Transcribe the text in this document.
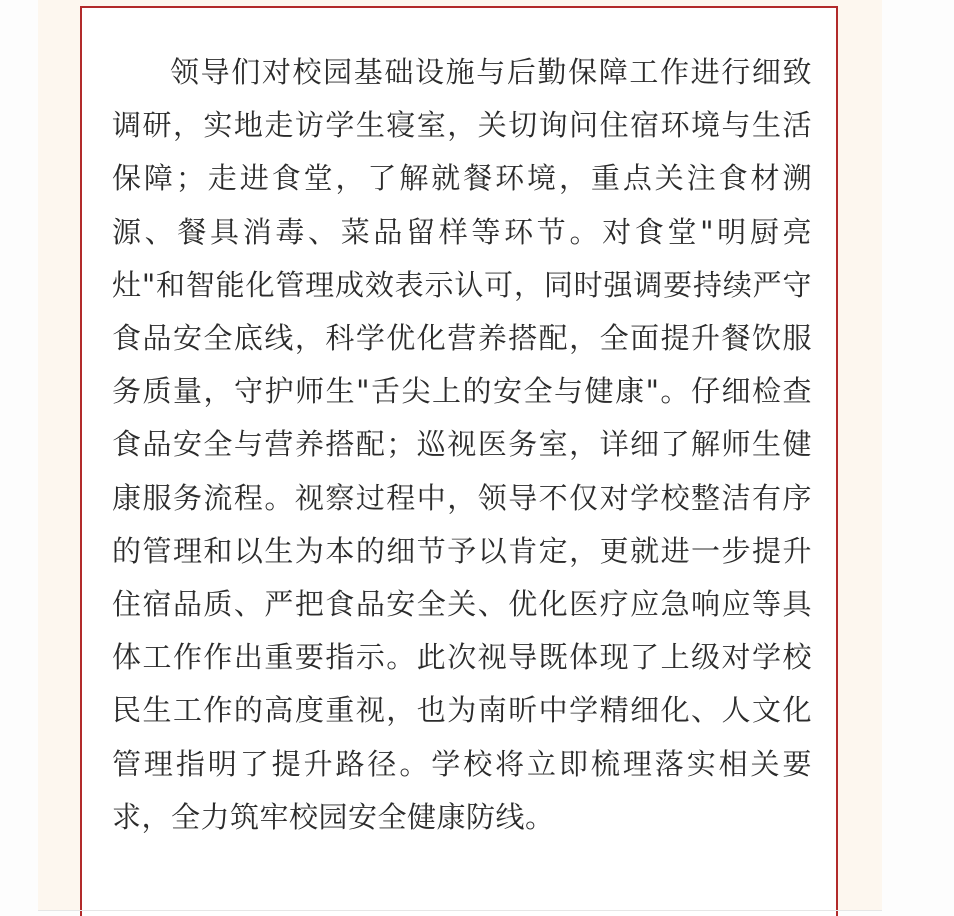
领导们对校园基础设施与后勤保障工作进行细致调研，实地走访学生寝室，关切询问住宿环境与生活保障；走进食堂，了解就餐环境，重点关注食材溯源、餐具消毒、菜品留样等环节。对食堂"明厨亮灶"和智能化管理成效表示认可，同时强调要持续严守食品安全底线，科学优化营养搭配，全面提升餐饮服务质量，守护师生"舌尖上的安全与健康"。仔细检查食品安全与营养搭配；巡视医务室，详细了解师生健康服务流程。视察过程中，领导不仅对学校整洁有序的管理和以生为本的细节予以肯定，更就进一步提升住宿品质、严把食品安全关、优化医疗应急响应等具体工作作出重要指示。此次视导既体现了上级对学校民生工作的高度重视，也为南昕中学精细化、人文化管理指明了提升路径。学校将立即梳理落实相关要求，全力筑牢校园安全健康防线。
